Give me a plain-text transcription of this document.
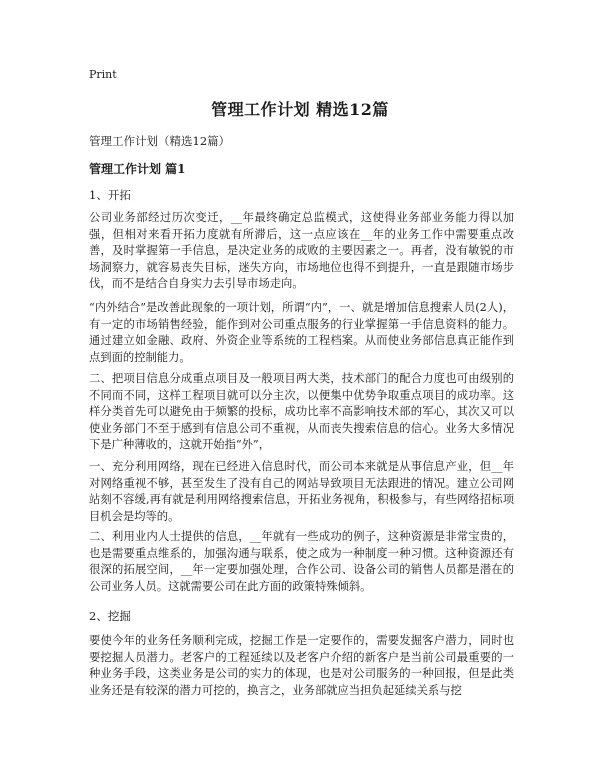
Print
管理工作计划 精选12篇
管理工作计划（精选12篇）
管理工作计划 篇1
1、开拓
公司业务部经过历次变迁，__年最终确定总监模式，这使得业务部业务能力得以加强，但相对来看开拓力度就有所滞后，这一点应该在__年的业务工作中需要重点改善，及时掌握第一手信息，是决定业务的成败的主要因素之一。再者，没有敏锐的市场洞察力，就容易丧失目标，迷失方向，市场地位也得不到提升，一直是跟随市场步伐，而不是结合自身实力去引导市场走向。
“内外结合”是改善此现象的一项计划，所谓“内”，一、就是增加信息搜索人员(2人)，有一定的市场销售经验，能作到对公司重点服务的行业掌握第一手信息资料的能力。通过建立如金融、政府、外资企业等系统的工程档案。从而使业务部信息真正能作到点到面的控制能力。
二、把项目信息分成重点项目及一般项目两大类，技术部门的配合力度也可由级别的不同而不同，这样工程项目就可以分主次，以便集中优势争取重点项目的成功率。这样分类首先可以避免由于频繁的投标，成功比率不高影响技术部的军心，其次又可以使业务部门不至于感到有信息公司不重视，从而丧失搜索信息的信心。业务大多情况下是广种薄收的，这就开始指“外”，
一、充分利用网络，现在已经进入信息时代，而公司本来就是从事信息产业，但__年对网络重视不够，甚至发生了没有自己的网站导致项目无法跟进的情况。建立公司网站刻不容缓,再有就是利用网络搜索信息，开拓业务视角，积极参与，有些网络招标项目机会是均等的。
二、利用业内人士提供的信息，__年就有一些成功的例子，这种资源是非常宝贵的，也是需要重点维系的，加强沟通与联系，使之成为一种制度一种习惯。这种资源还有很深的拓展空间，__年一定要加强处理，合作公司、设备公司的销售人员都是潜在的公司业务人员。这就需要公司在此方面的政策特殊倾斜。
2、挖掘
要使今年的业务任务顺利完成，挖掘工作是一定要作的，需要发掘客户潜力，同时也要挖掘人员潜力。老客户的工程延续以及老客户介绍的新客户是当前公司最重要的一种业务手段，这类业务是公司的实力的体现，也是对公司服务的一种回报，但是此类业务还是有较深的潜力可挖的，换言之，业务部就应当担负起延续关系与挖
